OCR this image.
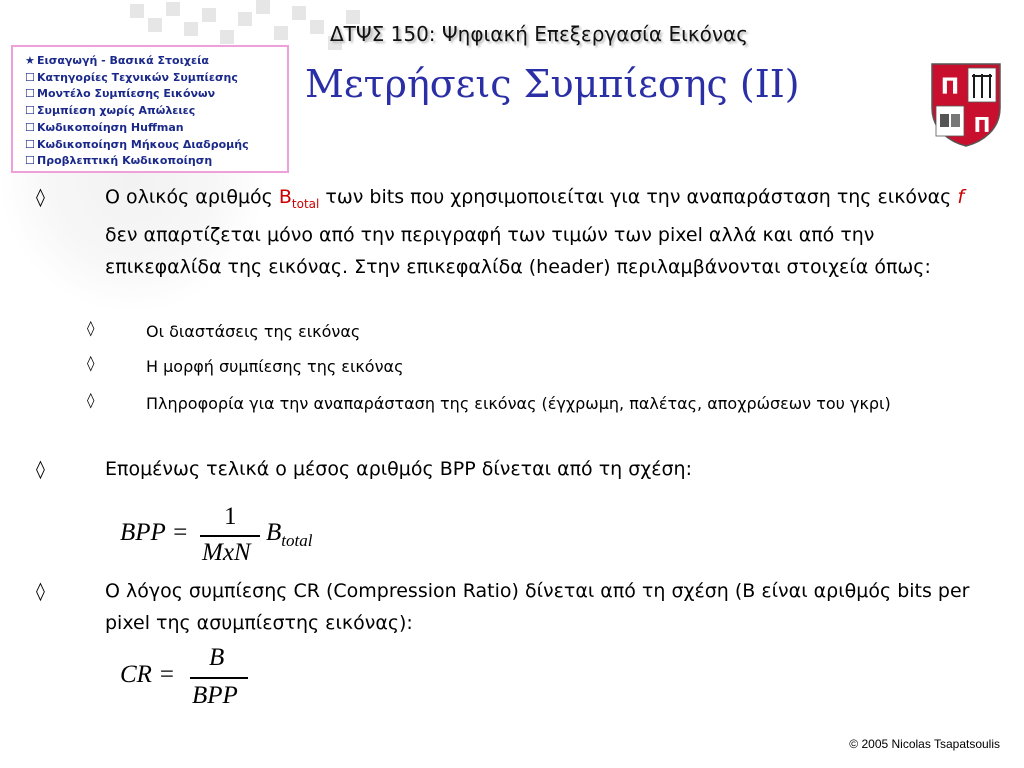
ΔΤΨΣ 150: Ψηφιακή Επεξεργασία Εικόνας
★ Εισαγωγή - Βασικά Στοιχεία
☐ Κατηγορίες Τεχνικών Συμπίεσης
☐ Μοντέλο Συμπίεσης Εικόνων
☐ Συμπίεση χωρίς Απώλειες
☐ Κωδικοποίηση Huffman
☐ Κωδικοποίηση Μήκους Διαδρομής
☐ Προβλεπτική Κωδικοποίηση
Μετρήσεις Συμπίεσης (ΙΙ)	Π
Π
◊	Ο ολικός αριθμός $B_{total}$ των bits που χρησιμοποιείται για την αναπαράσταση της εικόνας f δεν απαρτίζεται μόνο από την περιγραφή των τιμών των pixel αλλά και από την επικεφαλίδα της εικόνας. Στην επικεφαλίδα (header) περιλαμβάνονται στοιχεία όπως:
◊	Οι διαστάσεις της εικόνας
◊	Η μορφή συμπίεσης της εικόνας
◊	Πληροφορία για την αναπαράσταση της εικόνας (έγχρωμη, παλέτας, αποχρώσεων του γκρι)
◊	Επομένως τελικά ο μέσος αριθμός BPP δίνεται από τη σχέση:
BPP =
1
MxN
$B_{total}$
◊	Ο λόγος συμπίεσης CR (Compression Ratio) δίνεται από τη σχέση (B είναι αριθμός bits per pixel της ασυμπίεστης εικόνας):
CR =
B
BPP
© 2005 Nicolas Tsapatsoulis
